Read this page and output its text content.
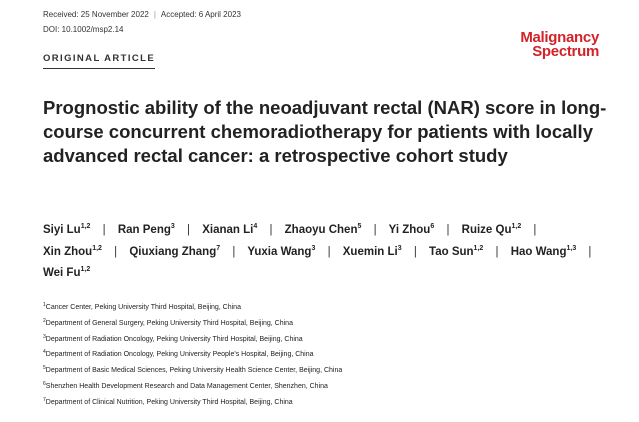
Received: 25 November 2022 | Accepted: 6 April 2023
DOI: 10.1002/msp2.14	Malignancy
Spectrum
ORIGINAL ARTICLE
Prognostic ability of the neoadjuvant rectal (NAR) score in long-course concurrent chemoradiotherapy for patients with locally advanced rectal cancer: a retrospective cohort study
Siyi Lu$^{1,2}$ | Ran Peng$^3$ | Xianan Li$^4$ | Zhaoyu Chen$^5$ | Yi Zhou$^6$ | Ruize Qu$^{1,2}$ | Xin Zhou$^{1,2}$ | Qiuxiang Zhang$^7$ | Yuxia Wang$^3$ | Xuemin Li$^3$ | Tao Sun$^{1,2}$ | Hao Wang$^{1,3}$ | Wei Fu$^{1,2}$
$^1$Cancer Center, Peking University Third Hospital, Beijing, China
$^2$Department of General Surgery, Peking University Third Hospital, Beijing, China
$^3$Department of Radiation Oncology, Peking University Third Hospital, Beijing, China
$^4$Department of Radiation Oncology, Peking University People's Hospital, Beijing, China
$^5$Department of Basic Medical Sciences, Peking University Health Science Center, Beijing, China
$^6$Shenzhen Health Development Research and Data Management Center, Shenzhen, China
$^7$Department of Clinical Nutrition, Peking University Third Hospital, Beijing, China
